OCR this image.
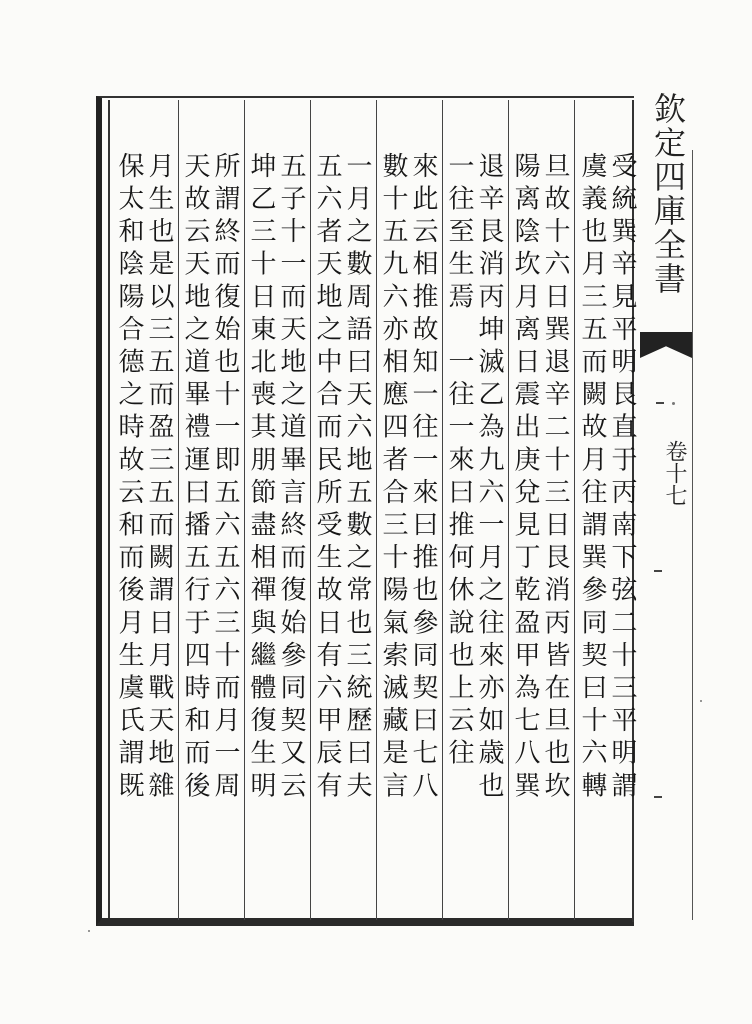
欽定四庫全書
卷十七
受統巽辛見平明艮直于丙南下弦二十三平明謂
虞義也月三五而闕故月往謂巽參同契曰十六轉
旦故十六日巽退辛二十三日艮消丙皆在旦也坎
陽离陰坎月离日震出庚兌見丁乾盈甲為七八巽
退辛艮消丙坤滅乙為九六一月之往來亦如歳也
一往至生焉　一往一來曰推何休說也上云往
來此云相推故知一往一來曰推也參同契曰七八
數十五九六亦相應四者合三十陽氣索滅藏是言
一月之數周語曰天六地五數之常也三統歷曰夫
五六者天地之中合而民所受生故日有六甲辰有
五子十一而天地之道畢言終而復始參同契又云
坤乙三十日東北喪其朋節盡相禪與繼體復生明
所謂終而復始也十一即五六五六三十而月一周
天故云天地之道畢禮運曰播五行于四時和而後
月生也是以三五而盈三五而闕謂日月戰天地雜
保太和陰陽合德之時故云和而後月生虞氏謂既
